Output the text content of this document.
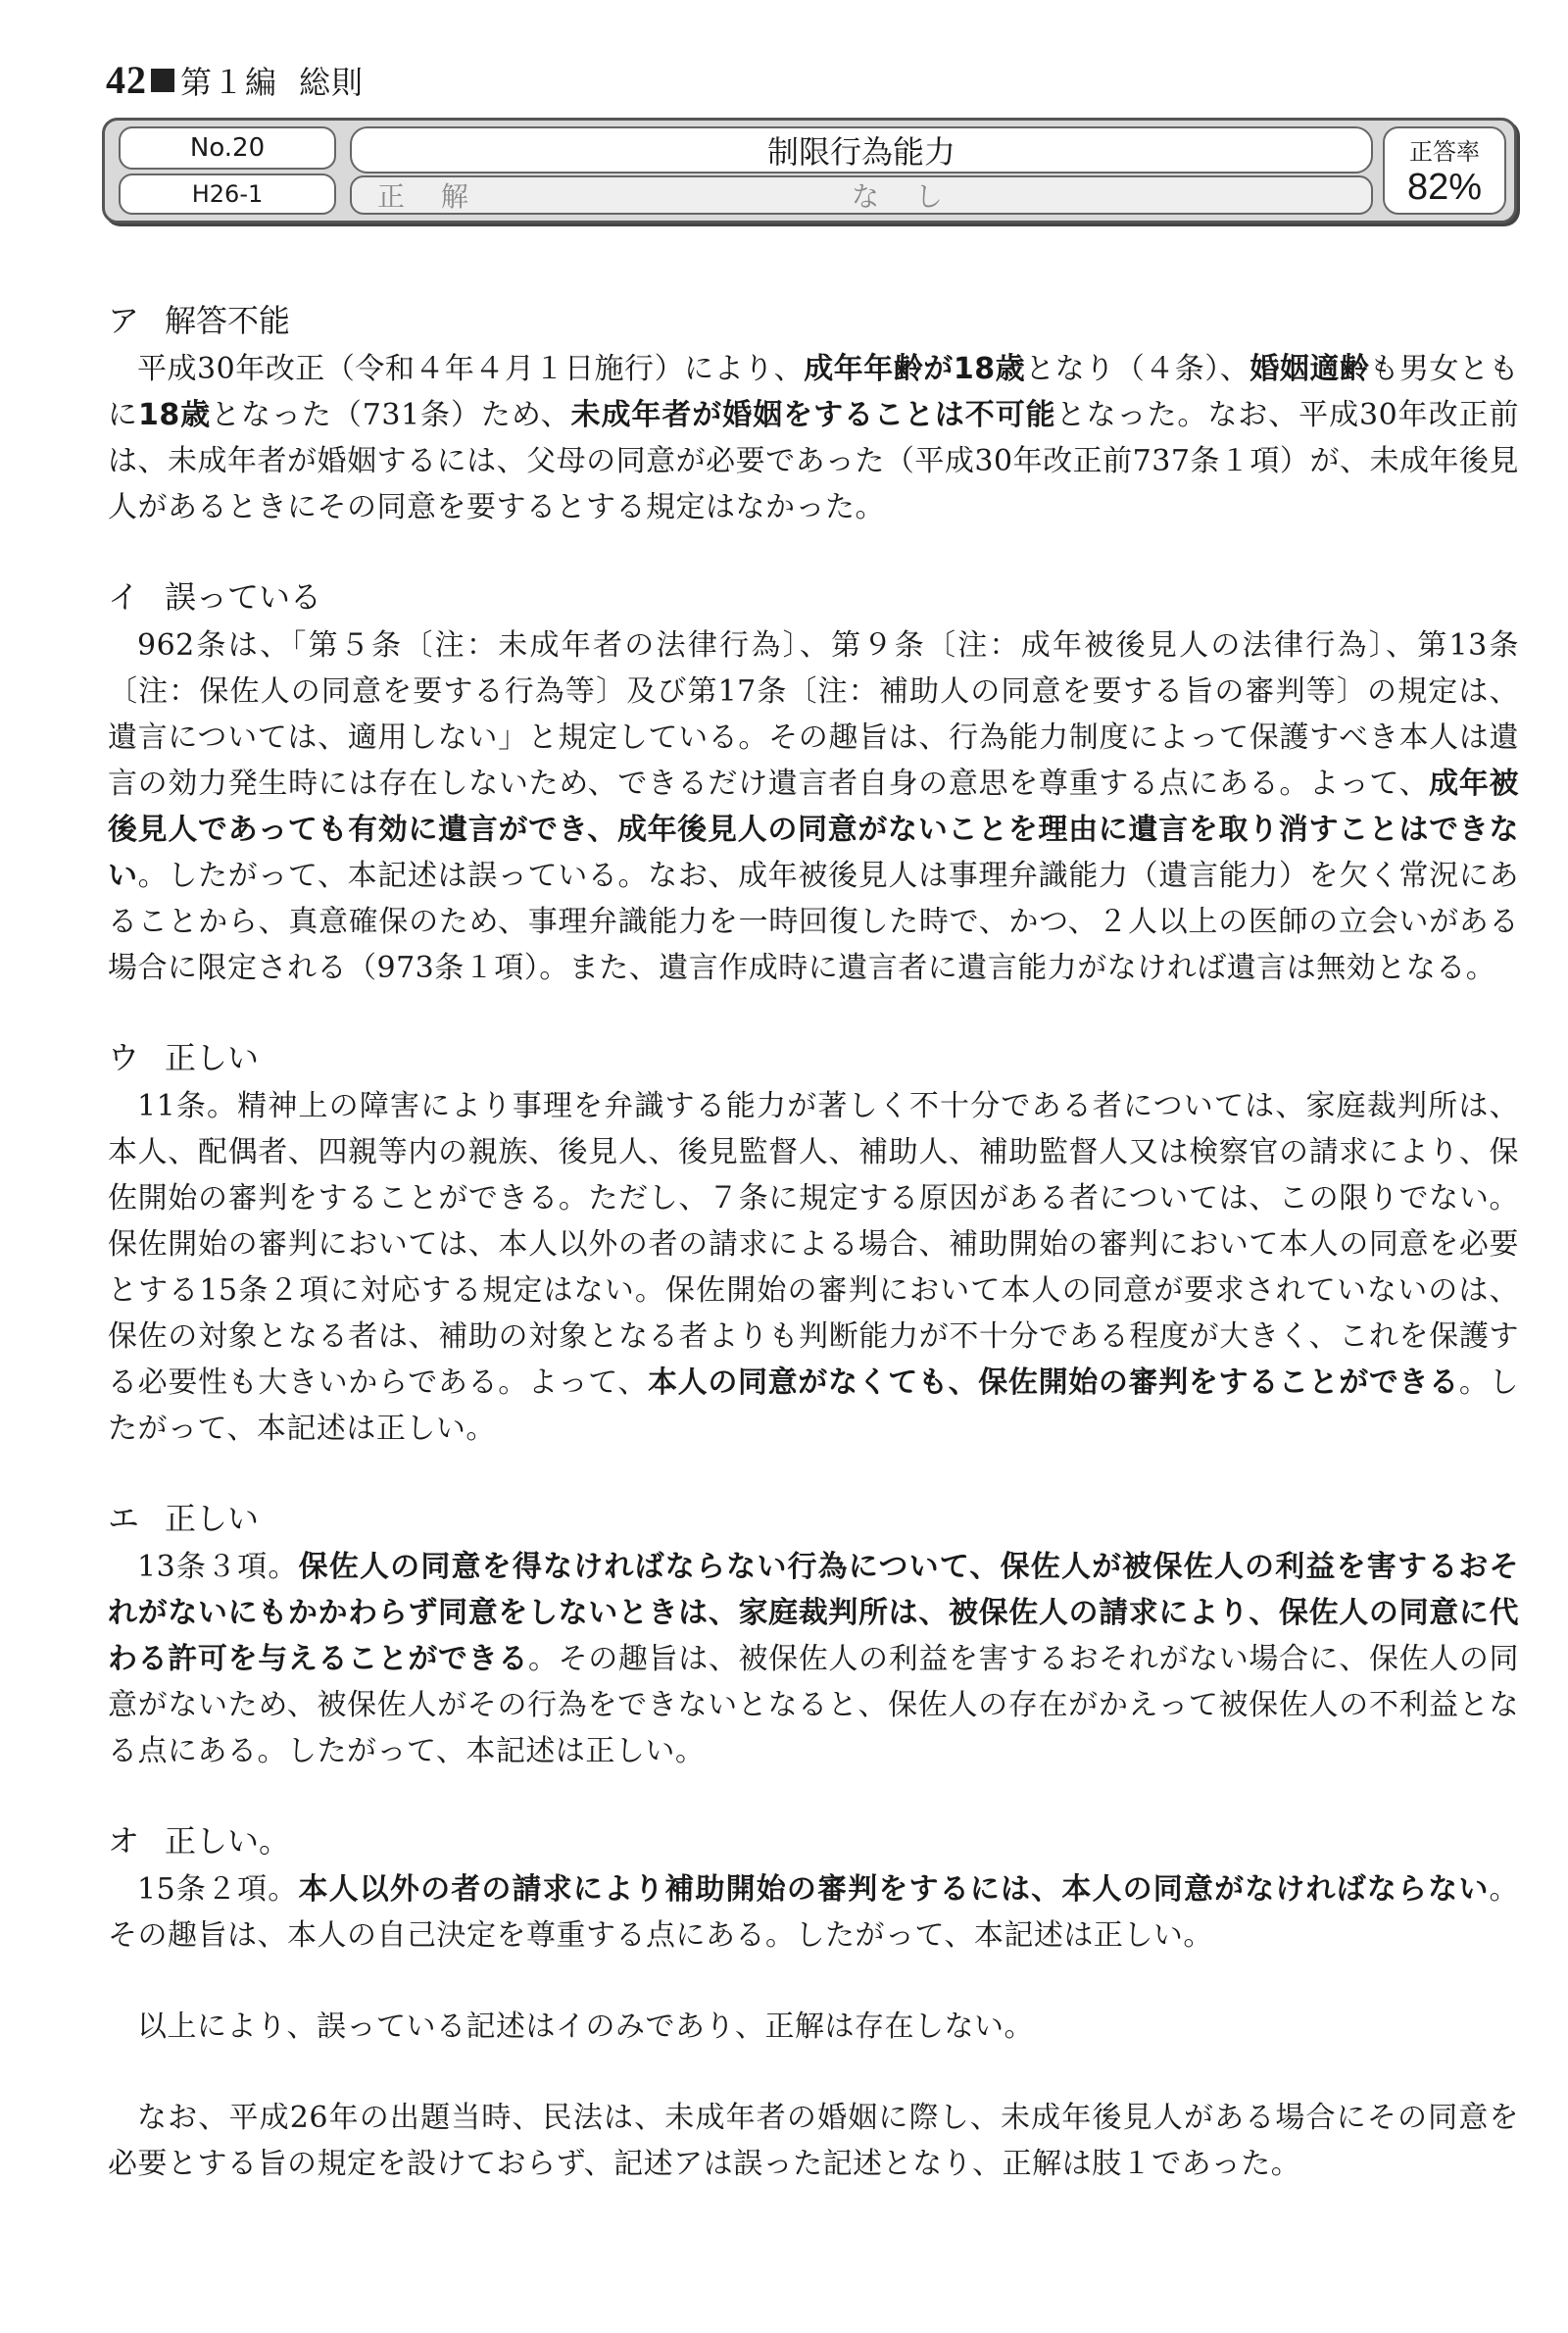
42 第１編 総則
No.20
H26-1
制限行為能力
正 解	な し
正答率
82%
ア 解答不能

平成30年改正（令和４年４月１日施行）により、成年年齢が18歳となり（４条）、婚姻適齢も男女ともに18歳となった（731条）ため、未成年者が婚姻をすることは不可能となった。なお、平成30年改正前は、未成年者が婚姻するには、父母の同意が必要であった（平成30年改正前737条１項）が、未成年後見人があるときにその同意を要するとする規定はなかった。

イ 誤っている

962条は、「第５条〔注：未成年者の法律行為〕、第９条〔注：成年被後見人の法律行為〕、第13条〔注：保佐人の同意を要する行為等〕及び第17条〔注：補助人の同意を要する旨の審判等〕の規定は、遺言については、適用しない」と規定している。その趣旨は、行為能力制度によって保護すべき本人は遺言の効力発生時には存在しないため、できるだけ遺言者自身の意思を尊重する点にある。よって、成年被後見人であっても有効に遺言ができ、成年後見人の同意がないことを理由に遺言を取り消すことはできない。したがって、本記述は誤っている。なお、成年被後見人は事理弁識能力（遺言能力）を欠く常況にあることから、真意確保のため、事理弁識能力を一時回復した時で、かつ、２人以上の医師の立会いがある場合に限定される（973条１項）。また、遺言作成時に遺言者に遺言能力がなければ遺言は無効となる。

ウ 正しい

11条。精神上の障害により事理を弁識する能力が著しく不十分である者については、家庭裁判所は、本人、配偶者、四親等内の親族、後見人、後見監督人、補助人、補助監督人又は検察官の請求により、保佐開始の審判をすることができる。ただし、７条に規定する原因がある者については、この限りでない。保佐開始の審判においては、本人以外の者の請求による場合、補助開始の審判において本人の同意を必要とする15条２項に対応する規定はない。保佐開始の審判において本人の同意が要求されていないのは、保佐の対象となる者は、補助の対象となる者よりも判断能力が不十分である程度が大きく、これを保護する必要性も大きいからである。よって、本人の同意がなくても、保佐開始の審判をすることができる。したがって、本記述は正しい。

エ 正しい

13条３項。保佐人の同意を得なければならない行為について、保佐人が被保佐人の利益を害するおそれがないにもかかわらず同意をしないときは、家庭裁判所は、被保佐人の請求により、保佐人の同意に代わる許可を与えることができる。その趣旨は、被保佐人の利益を害するおそれがない場合に、保佐人の同意がないため、被保佐人がその行為をできないとなると、保佐人の存在がかえって被保佐人の不利益となる点にある。したがって、本記述は正しい。

オ 正しい。

15条２項。本人以外の者の請求により補助開始の審判をするには、本人の同意がなければならない。その趣旨は、本人の自己決定を尊重する点にある。したがって、本記述は正しい。

以上により、誤っている記述はイのみであり、正解は存在しない。

なお、平成26年の出題当時、民法は、未成年者の婚姻に際し、未成年後見人がある場合にその同意を必要とする旨の規定を設けておらず、記述アは誤った記述となり、正解は肢１であった。
